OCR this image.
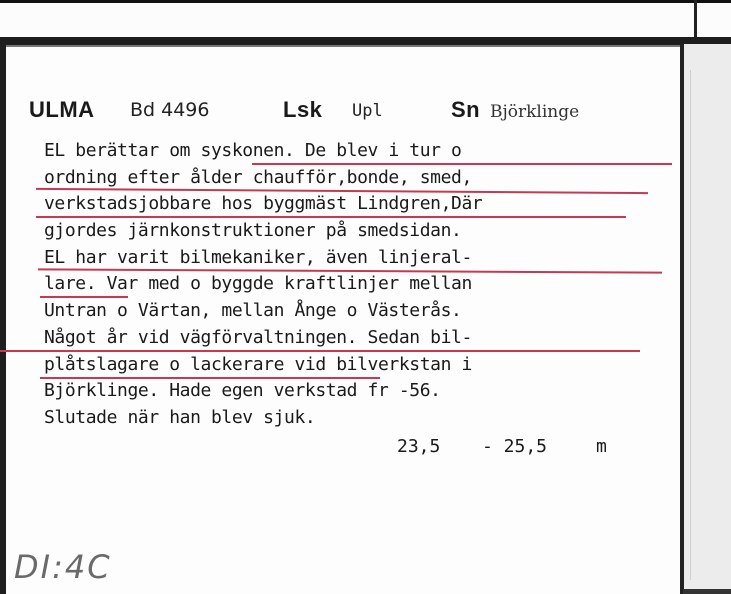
ULMA Bd 4496	Lsk Upl	Sn Björklinge
EL berättar om syskonen. De blev i tur o
ordning efter ålder chaufför,bonde, smed,
verkstadsjobbare hos byggmäst Lindgren,Där
gjordes järnkonstruktioner på smedsidan.
EL har varit bilmekaniker, även linjeral-
lare. Var med o byggde kraftlinjer mellan
Untran o Värtan, mellan Ånge o Västerås.
Något år vid vägförvaltningen. Sedan bil-
plåtslagare o lackerare vid bilverkstan i
Björklinge. Hade egen verkstad fr -56.
Slutade när han blev sjuk.
23,5 - 25,5	m
DI:4C
